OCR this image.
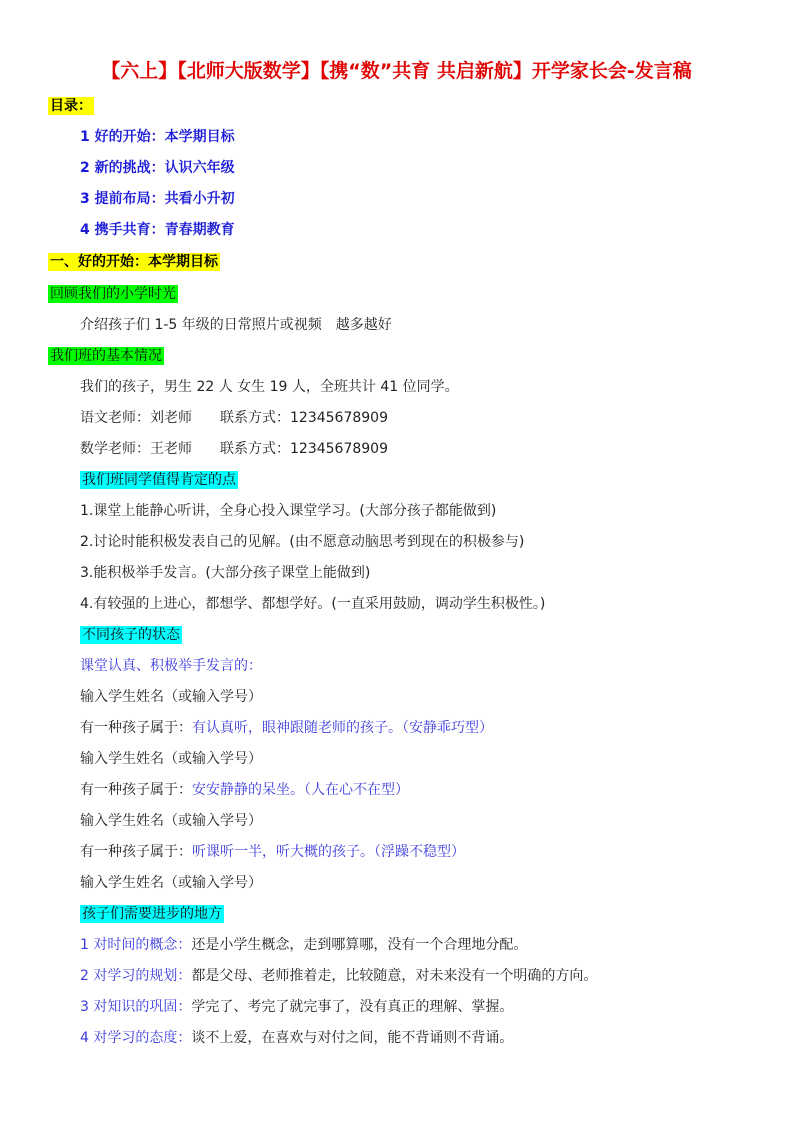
【六上】【北师大版数学】【携“数”共育 共启新航】开学家长会-发言稿
目录：
1 好的开始：本学期目标
2 新的挑战：认识六年级
3 提前布局：共看小升初
4 携手共育：青春期教育
一、好的开始：本学期目标
回顾我们的小学时光
介绍孩子们 1-5 年级的日常照片或视频　越多越好
我们班的基本情况
我们的孩子，男生 22 人 女生 19 人，全班共计 41 位同学。
语文老师：刘老师　　联系方式：12345678909
数学老师：王老师　　联系方式：12345678909
我们班同学值得肯定的点
1.课堂上能静心听讲，全身心投入课堂学习。(大部分孩子都能做到)
2.讨论时能积极发表自己的见解。(由不愿意动脑思考到现在的积极参与)
3.能积极举手发言。(大部分孩子课堂上能做到)
4.有较强的上进心，都想学、都想学好。(一直采用鼓励，调动学生积极性。)
不同孩子的状态
课堂认真、积极举手发言的：
输入学生姓名（或输入学号）
有一种孩子属于：有认真听，眼神跟随老师的孩子。（安静乖巧型）
输入学生姓名（或输入学号）
有一种孩子属于：安安静静的呆坐。（人在心不在型）
输入学生姓名（或输入学号）
有一种孩子属于：听课听一半，听大概的孩子。（浮躁不稳型）
输入学生姓名（或输入学号）
孩子们需要进步的地方
1 对时间的概念：还是小学生概念，走到哪算哪，没有一个合理地分配。
2 对学习的规划：都是父母、老师推着走，比较随意，对未来没有一个明确的方向。
3 对知识的巩固：学完了、考完了就完事了，没有真正的理解、掌握。
4 对学习的态度：谈不上爱，在喜欢与对付之间，能不背诵则不背诵。
